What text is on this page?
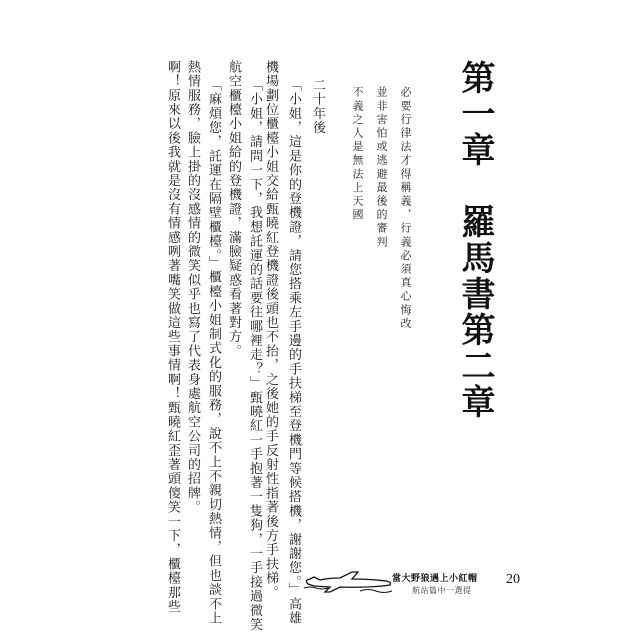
第一章　羅馬書第二章
必要行律法才得稱義，行義必須真心悔改
並非害怕或逃避最後的審判
不義之人是無法上天國
二十年後
「小姐，這是你的登機證，請您搭乘左手邊的手扶梯至登機門等候搭機，謝謝您。」高雄
機場劃位櫃檯小姐交給甄曉紅登機證後頭也不抬，之後她的手反射性指著後方手扶梯。
「小姐，請問一下，我想託運的話要往哪裡走？」甄曉紅一手抱著一隻狗，一手接過微笑
航空櫃檯小姐給的登機證，滿臉疑惑看著對方。
「麻煩您，託運在隔壁櫃檯。」櫃檯小姐制式化的服務，說不上不親切熱情，但也談不上
熱情服務，臉上掛的沒感情的微笑似乎也寫了代表身處航空公司的招牌。
啊！原來以後我就是沒有情感咧著嘴笑做這些事情啊！甄曉紅歪著頭傻笑一下，櫃檯那些	當大野狼遇上小紅帽
航站篇中一選提
20
